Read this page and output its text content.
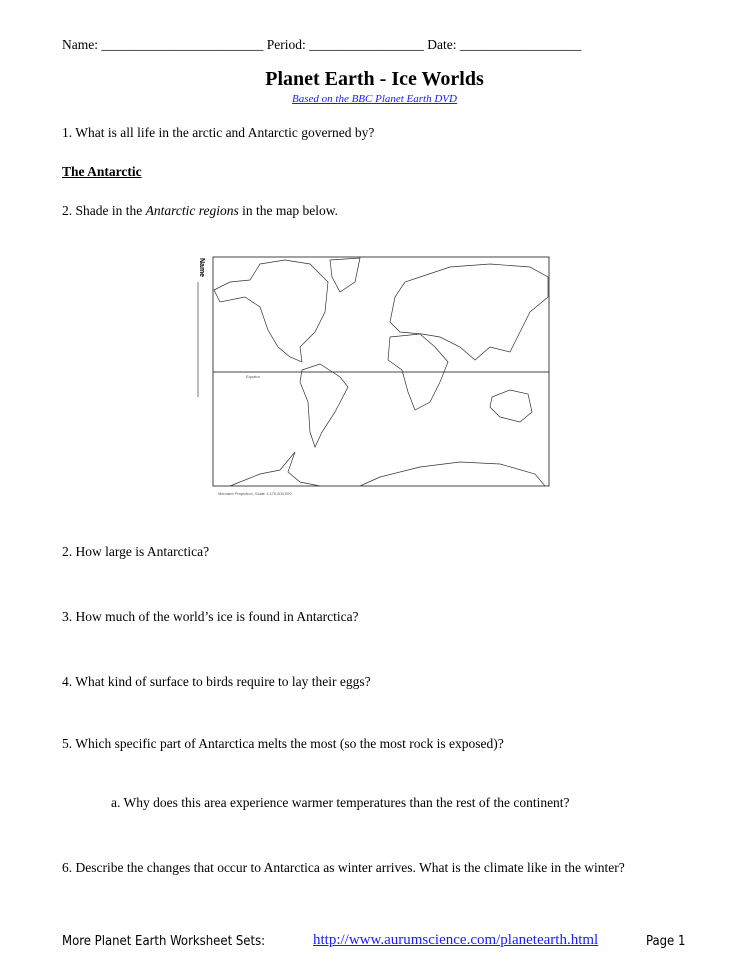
Name: ________________________ Period: _________________ Date: __________________
Planet Earth - Ice Worlds
Based on the BBC Planet Earth DVD
1. What is all life in the arctic and Antarctic governed by?
The Antarctic
2. Shade in the Antarctic regions in the map below.
Name
Equator
Mercator Projection, Scale 1:170,000,000
2. How large is Antarctica?
3. How much of the world’s ice is found in Antarctica?
4. What kind of surface to birds require to lay their eggs?
5. Which specific part of Antarctica melts the most (so the most rock is exposed)?
a. Why does this area experience warmer temperatures than the rest of the continent?
6. Describe the changes that occur to Antarctica as winter arrives. What is the climate like in the winter?
More Planet Earth Worksheet Sets:	http://www.aurumscience.com/planetearth.html	Page 1
